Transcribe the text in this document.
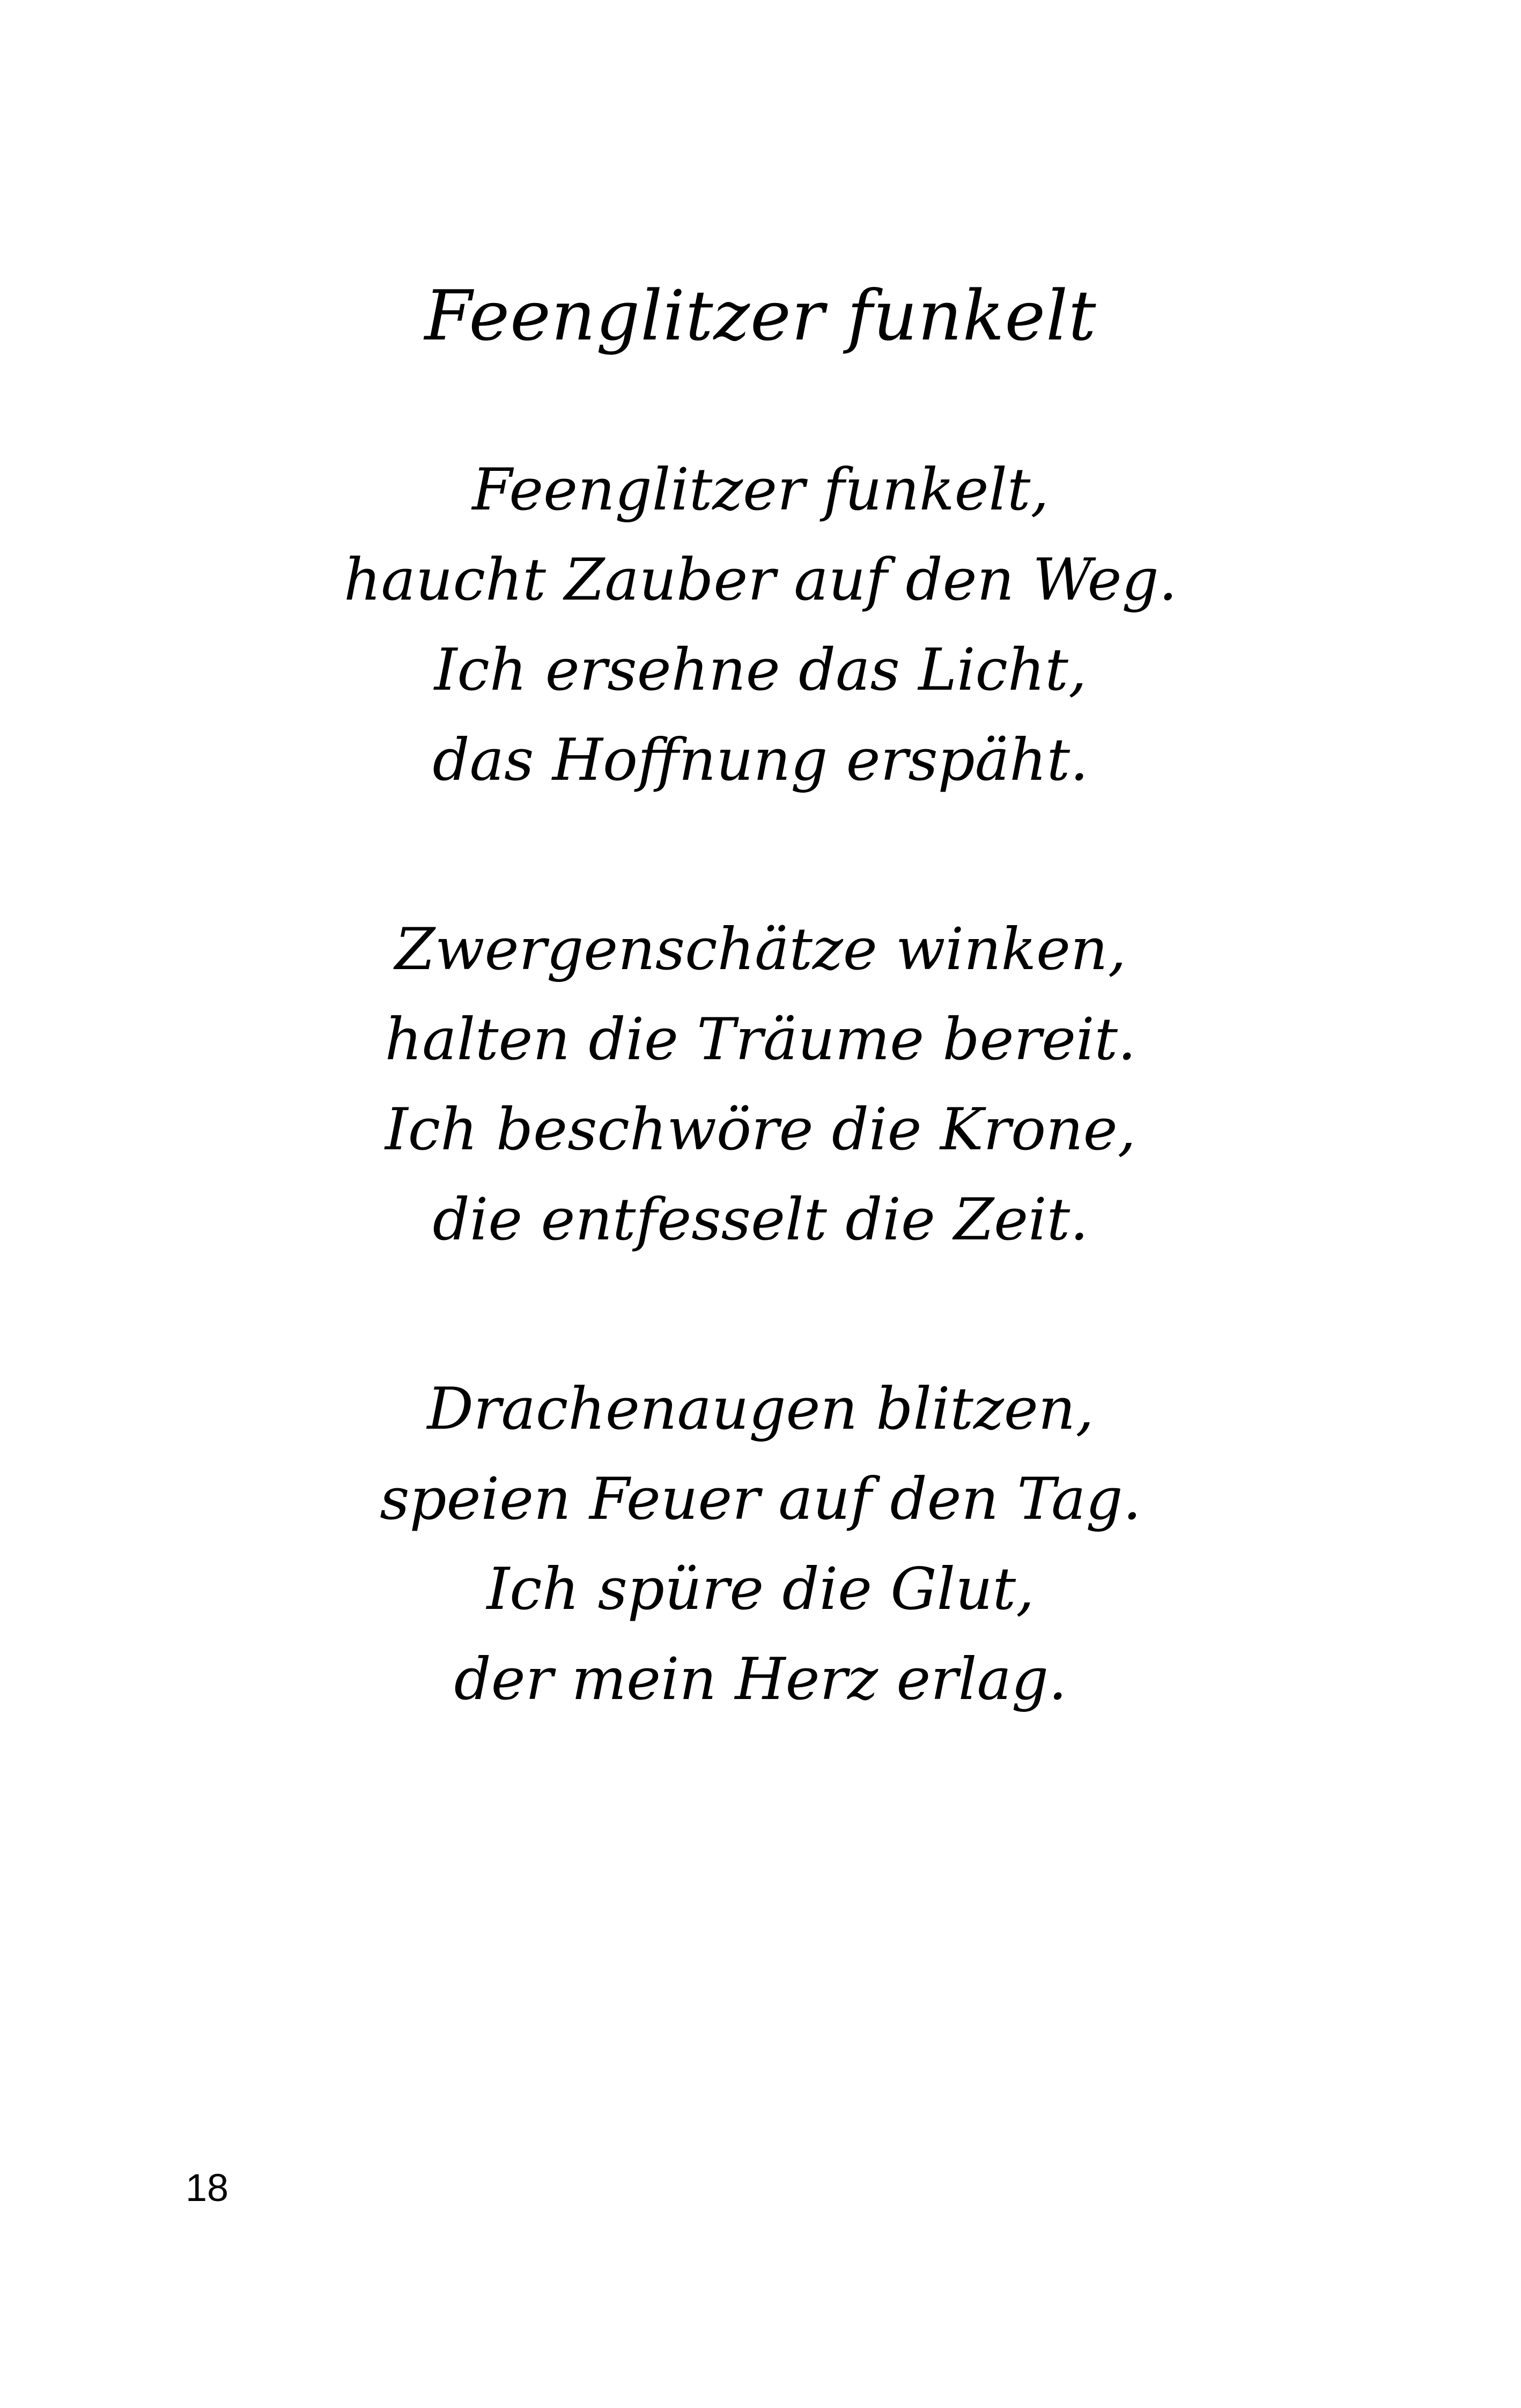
Feenglitzer funkelt
Feenglitzer funkelt,
haucht Zauber auf den Weg.
Ich ersehne das Licht,
das Hoffnung erspäht.
Zwergenschätze winken,
halten die Träume bereit.
Ich beschwöre die Krone,
die entfesselt die Zeit.
Drachenaugen blitzen,
speien Feuer auf den Tag.
Ich spüre die Glut,
der mein Herz erlag.
18
